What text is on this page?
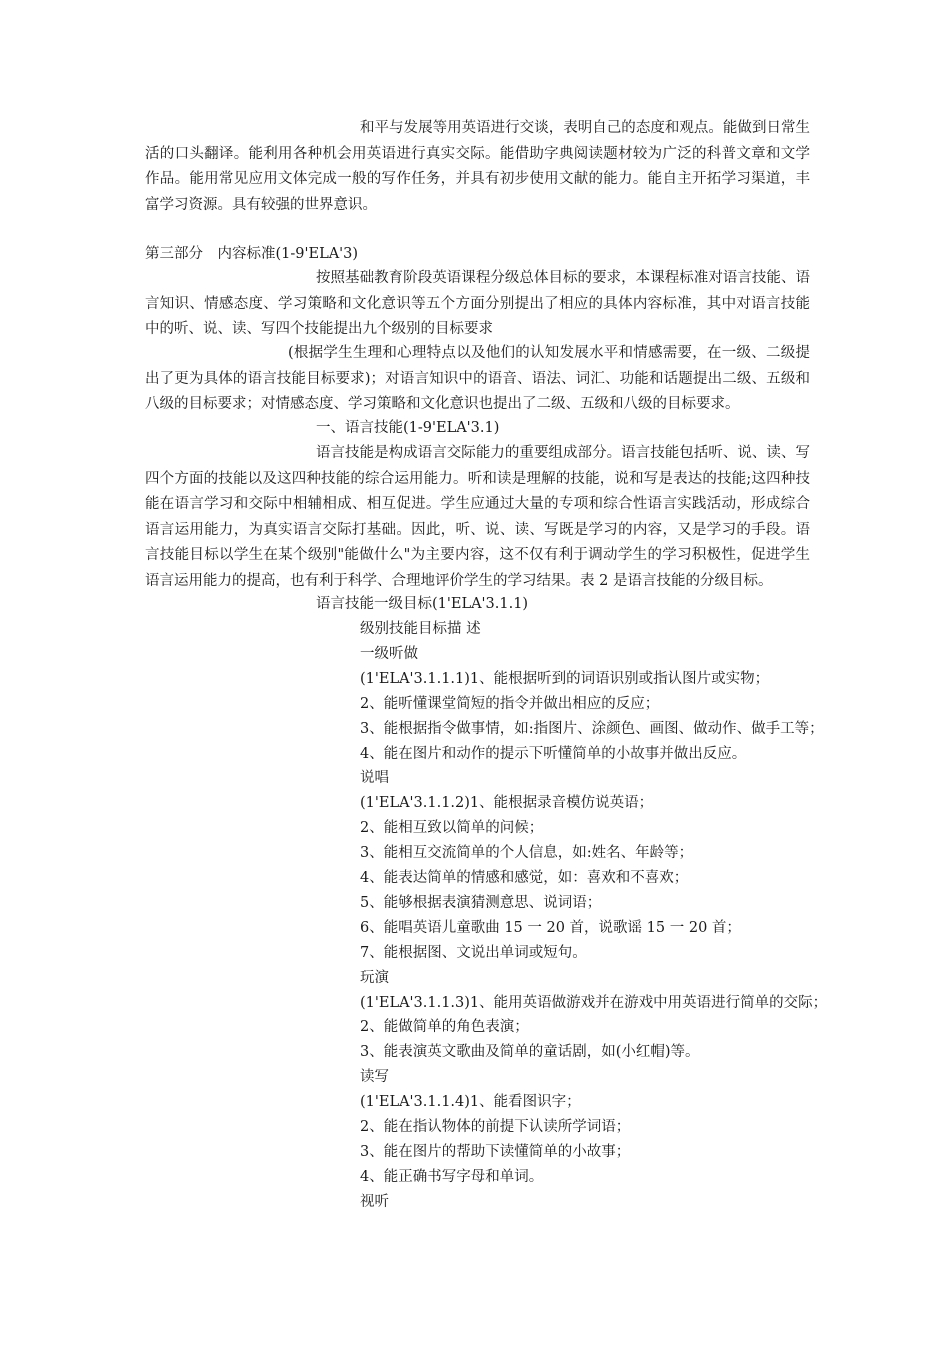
和平与发展等用英语进行交谈，表明自己的态度和观点。能做到日常生活的口头翻译。能利用各种机会用英语进行真实交际。能借助字典阅读题材较为广泛的科普文章和文学作品。能用常见应用文体完成一般的写作任务，并具有初步使用文献的能力。能自主开拓学习渠道，丰富学习资源。具有较强的世界意识。

第三部分　内容标准(1-9'ELA'3)

按照基础教育阶段英语课程分级总体目标的要求，本课程标准对语言技能、语言知识、情感态度、学习策略和文化意识等五个方面分别提出了相应的具体内容标准，其中对语言技能中的听、说、读、写四个技能提出九个级别的目标要求

(根据学生生理和心理特点以及他们的认知发展水平和情感需要，在一级、二级提出了更为具体的语言技能目标要求)；对语言知识中的语音、语法、词汇、功能和话题提出二级、五级和八级的目标要求；对情感态度、学习策略和文化意识也提出了二级、五级和八级的目标要求。

一、语言技能(1-9'ELA'3.1)

语言技能是构成语言交际能力的重要组成部分。语言技能包括听、说、读、写四个方面的技能以及这四种技能的综合运用能力。听和读是理解的技能，说和写是表达的技能;这四种技能在语言学习和交际中相辅相成、相互促进。学生应通过大量的专项和综合性语言实践活动，形成综合语言运用能力，为真实语言交际打基础。因此，听、说、读、写既是学习的内容，又是学习的手段。语言技能目标以学生在某个级别"能做什么"为主要内容，这不仅有利于调动学生的学习积极性，促进学生语言运用能力的提高，也有利于科学、合理地评价学生的学习结果。表 2 是语言技能的分级目标。

语言技能一级目标(1'ELA'3.1.1)

级别技能目标描 述

一级听做

(1'ELA'3.1.1.1)1、能根据听到的词语识别或指认图片或实物；

2、能听懂课堂简短的指令并做出相应的反应；

3、能根据指令做事情，如:指图片、涂颜色、画图、做动作、做手工等；

4、能在图片和动作的提示下听懂简单的小故事并做出反应。

说唱

(1'ELA'3.1.1.2)1、能根据录音模仿说英语；

2、能相互致以简单的问候；

3、能相互交流简单的个人信息，如:姓名、年龄等；

4、能表达简单的情感和感觉，如：喜欢和不喜欢；

5、能够根据表演猜测意思、说词语；

6、能唱英语儿童歌曲 15 一 20 首，说歌谣 15 一 20 首；

7、能根据图、文说出单词或短句。

玩演

(1'ELA'3.1.1.3)1、能用英语做游戏并在游戏中用英语进行简单的交际；

2、能做简单的角色表演；

3、能表演英文歌曲及简单的童话剧，如(小红帽)等。

读写

(1'ELA'3.1.1.4)1、能看图识字；

2、能在指认物体的前提下认读所学词语；

3、能在图片的帮助下读懂简单的小故事；

4、能正确书写字母和单词。

视听
